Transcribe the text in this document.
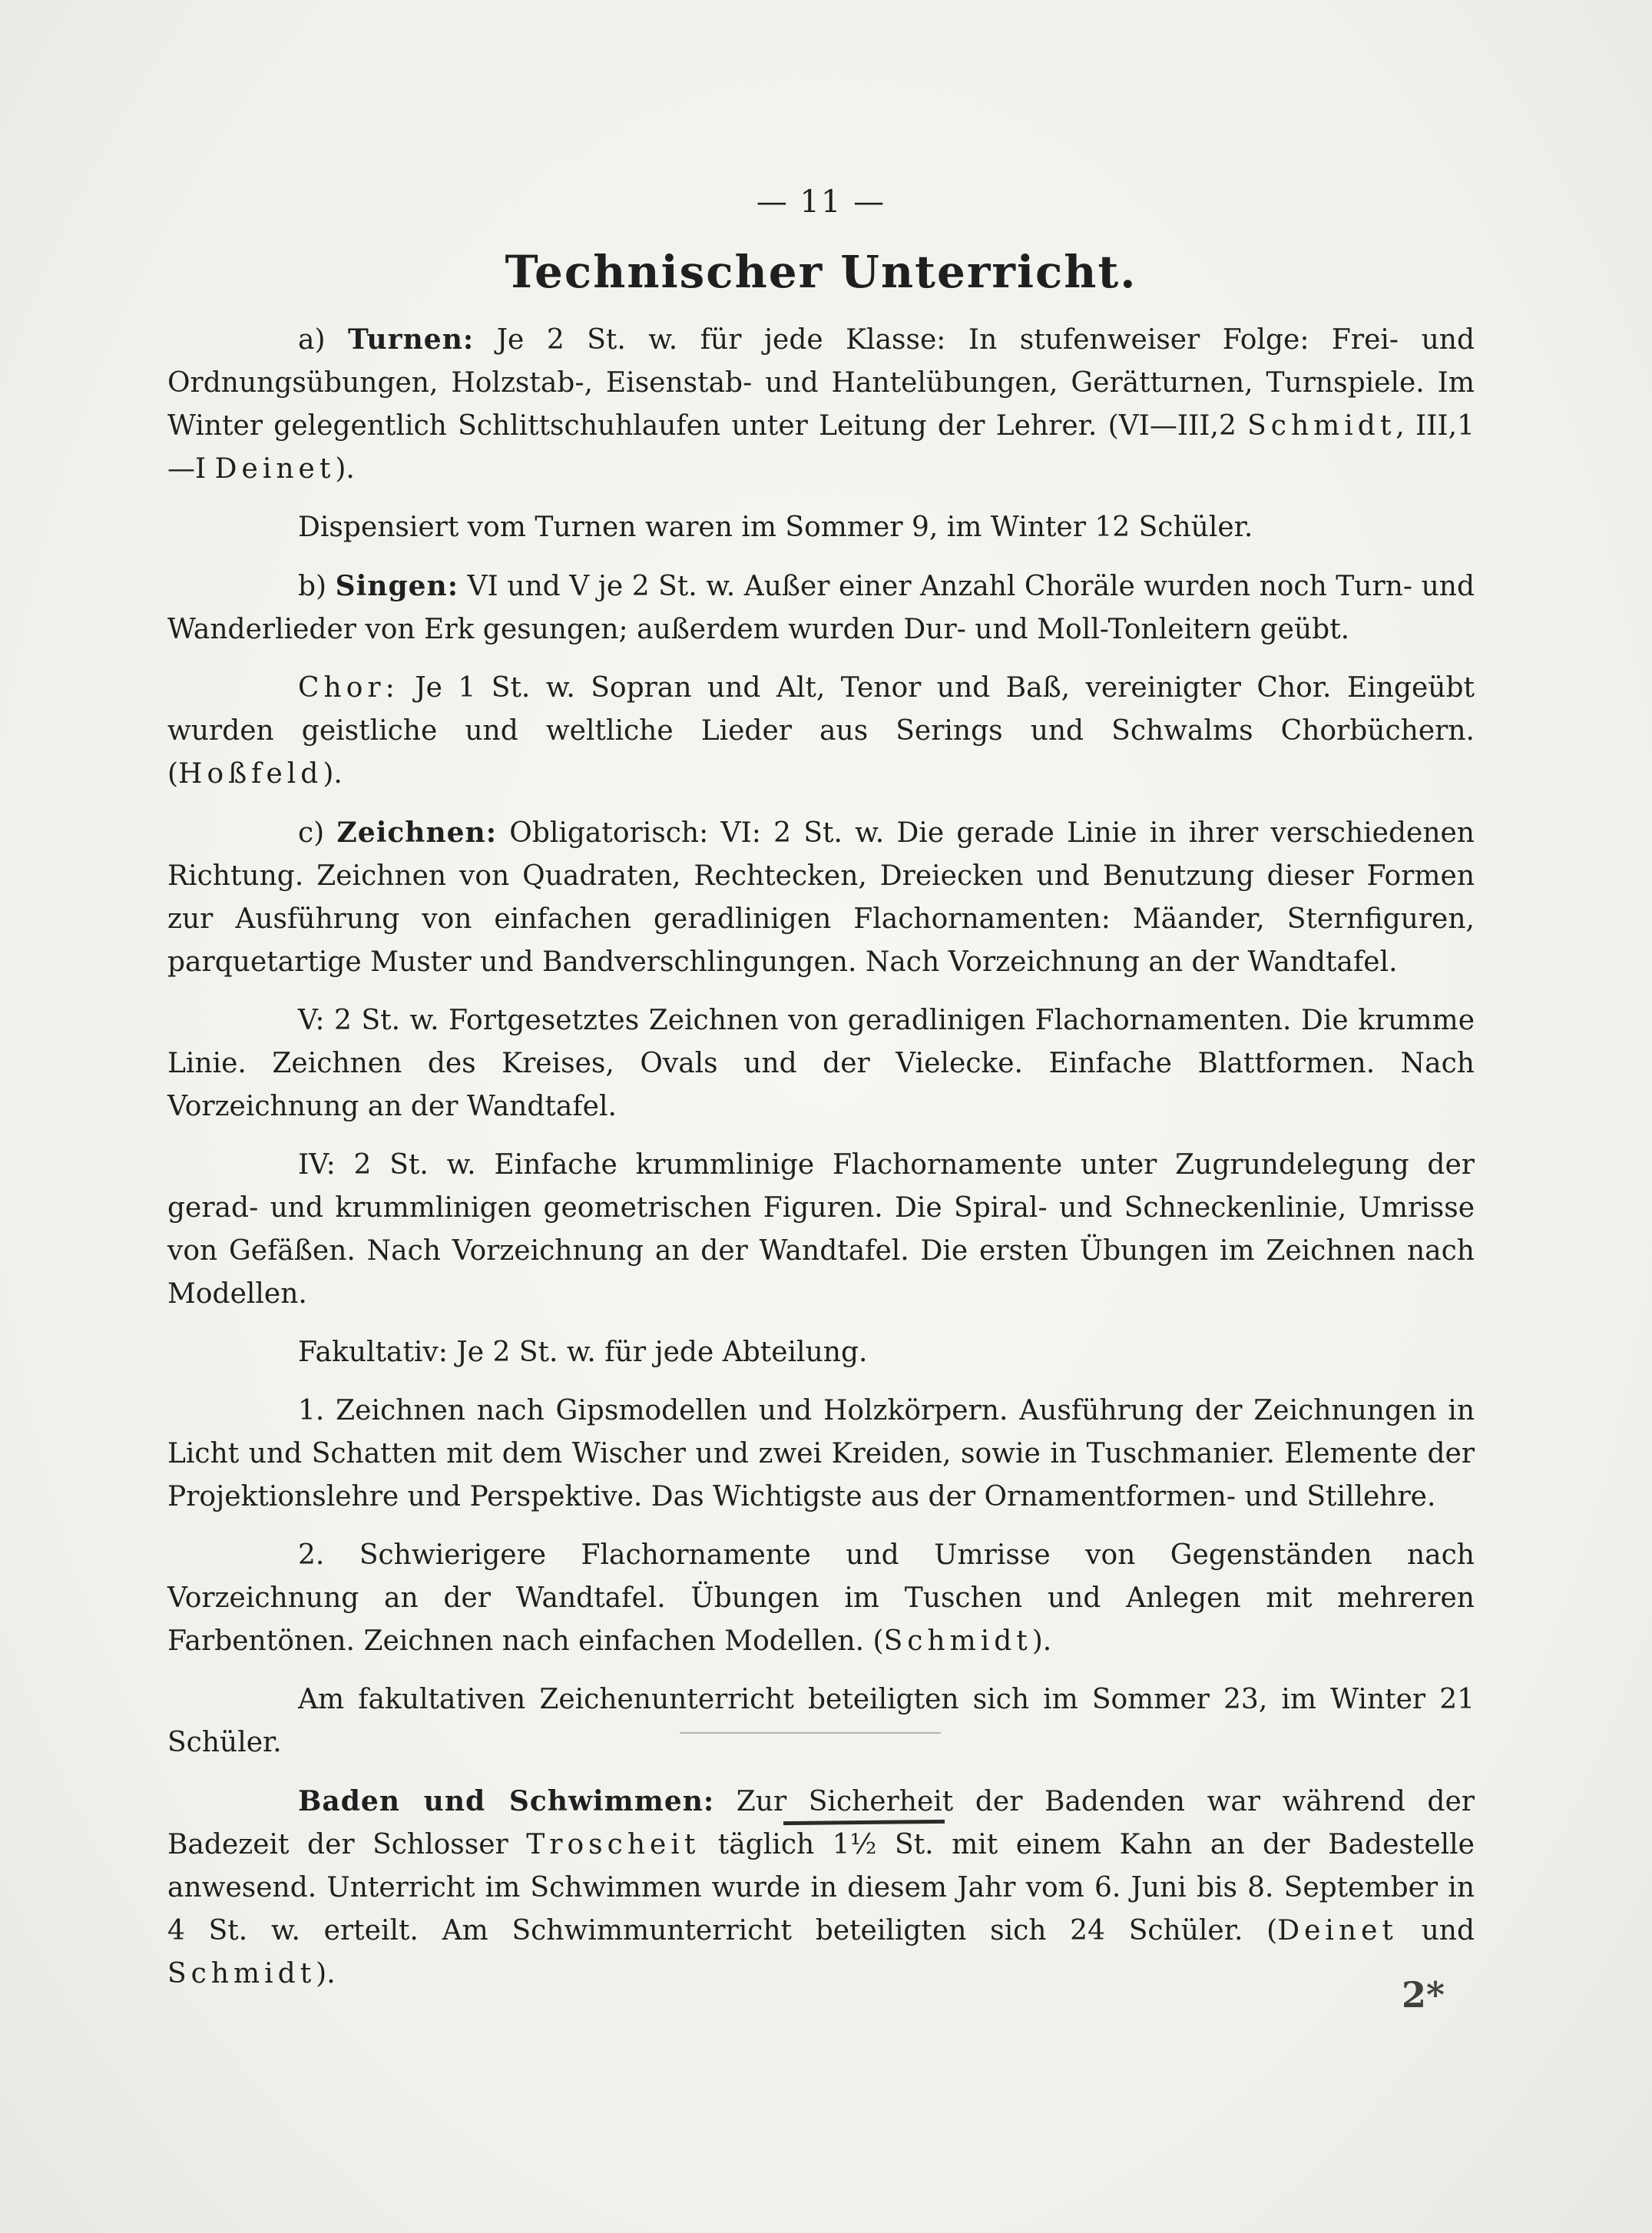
2*
— 11 —
Technischer Unterricht.

a) Turnen: Je 2 St. w. für jede Klasse: In stufenweiser Folge: Frei- und Ordnungsübungen, Holzstab-, Eisenstab- und Hantelübungen, Gerätturnen, Turnspiele. Im Winter gelegentlich Schlittschuhlaufen unter Leitung der Lehrer. (VI—III,2 Schmidt, III,1—I Deinet).

Dispensiert vom Turnen waren im Sommer 9, im Winter 12 Schüler.

b) Singen: VI und V je 2 St. w. Außer einer Anzahl Choräle wurden noch Turn- und Wanderlieder von Erk gesungen; außerdem wurden Dur- und Moll-Tonleitern geübt.

Chor: Je 1 St. w. Sopran und Alt, Tenor und Baß, vereinigter Chor. Eingeübt wurden geistliche und weltliche Lieder aus Serings und Schwalms Chorbüchern. (Hoßfeld).

c) Zeichnen: Obligatorisch: VI: 2 St. w. Die gerade Linie in ihrer verschiedenen Richtung. Zeichnen von Quadraten, Rechtecken, Dreiecken und Benutzung dieser Formen zur Ausführung von einfachen geradlinigen Flachornamenten: Mäander, Sternfiguren, parquetartige Muster und Bandverschlingungen. Nach Vorzeichnung an der Wandtafel.

V: 2 St. w. Fortgesetztes Zeichnen von geradlinigen Flachornamenten. Die krumme Linie. Zeichnen des Kreises, Ovals und der Vielecke. Einfache Blattformen. Nach Vorzeichnung an der Wandtafel.

IV: 2 St. w. Einfache krummlinige Flachornamente unter Zugrundelegung der gerad- und krummlinigen geometrischen Figuren. Die Spiral- und Schneckenlinie, Umrisse von Gefäßen. Nach Vorzeichnung an der Wandtafel. Die ersten Übungen im Zeichnen nach Modellen.

Fakultativ: Je 2 St. w. für jede Abteilung.

1. Zeichnen nach Gipsmodellen und Holzkörpern. Ausführung der Zeichnungen in Licht und Schatten mit dem Wischer und zwei Kreiden, sowie in Tuschmanier. Elemente der Projektionslehre und Perspektive. Das Wichtigste aus der Ornamentformen- und Stillehre.

2. Schwierigere Flachornamente und Umrisse von Gegenständen nach Vorzeichnung an der Wandtafel. Übungen im Tuschen und Anlegen mit mehreren Farbentönen. Zeichnen nach einfachen Modellen. (Schmidt).

Am fakultativen Zeichenunterricht beteiligten sich im Sommer 23, im Winter 21 Schüler.

Baden und Schwimmen: Zur Sicherheit der Badenden war während der Badezeit der Schlosser Troscheit täglich 1½ St. mit einem Kahn an der Badestelle anwesend. Unterricht im Schwimmen wurde in diesem Jahr vom 6. Juni bis 8. September in 4 St. w. erteilt. Am Schwimmunterricht beteiligten sich 24 Schüler. (Deinet und Schmidt).
